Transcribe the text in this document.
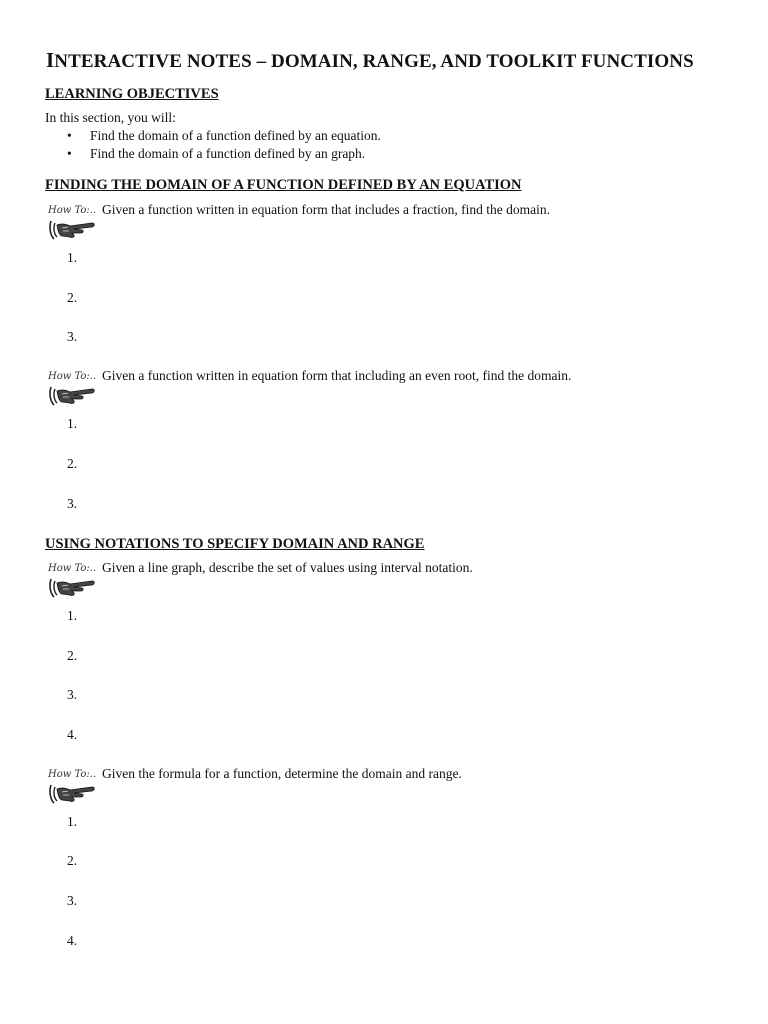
INTERACTIVE NOTES – DOMAIN, RANGE, AND TOOLKIT FUNCTIONS
LEARNING OBJECTIVES
In this section, you will:
• Find the domain of a function defined by an equation.
• Find the domain of a function defined by an graph.
FINDING THE DOMAIN OF A FUNCTION DEFINED BY AN EQUATION
How To:.. Given a function written in equation form that includes a fraction, find the domain.
1.
2.
3.
How To:.. Given a function written in equation form that including an even root, find the domain.
1.
2.
3.
USING NOTATIONS TO SPECIFY DOMAIN AND RANGE
How To:.. Given a line graph, describe the set of values using interval notation.
1.
2.
3.
4.
How To:.. Given the formula for a function, determine the domain and range.
1.
2.
3.
4.
